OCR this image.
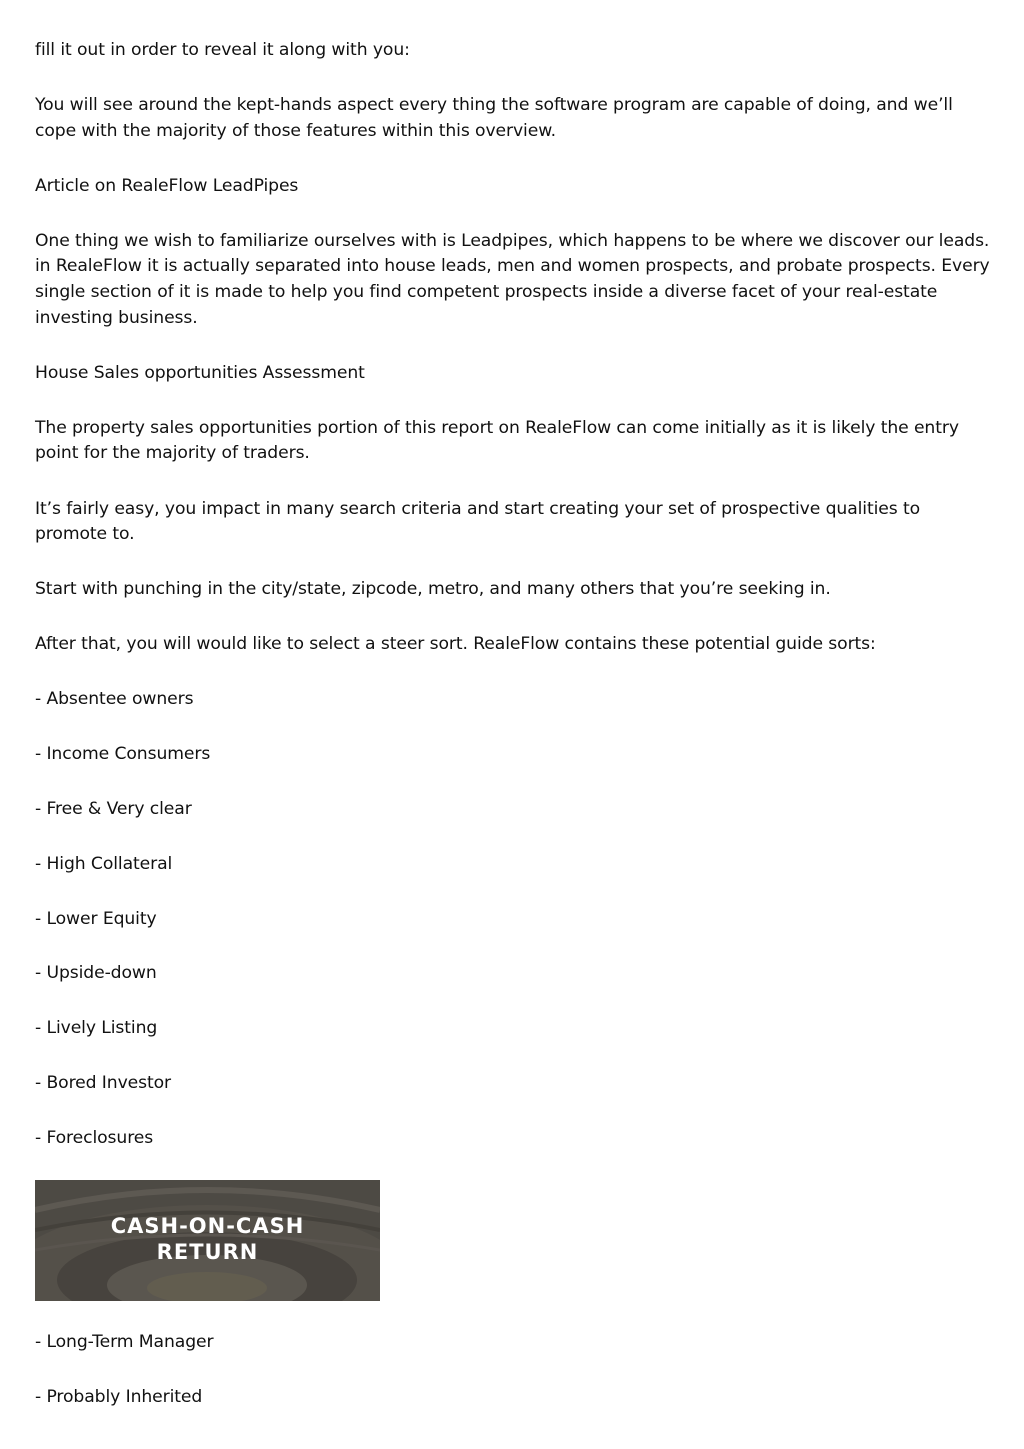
fill it out in order to reveal it along with you:

You will see around the kept-hands aspect every thing the software program are capable of doing, and we’ll cope with the majority of those features within this overview.

Article on RealeFlow LeadPipes

One thing we wish to familiarize ourselves with is Leadpipes, which happens to be where we discover our leads. in RealeFlow it is actually separated into house leads, men and women prospects, and probate prospects. Every single section of it is made to help you find competent prospects inside a diverse facet of your real-estate investing business.

House Sales opportunities Assessment

The property sales opportunities portion of this report on RealeFlow can come initially as it is likely the entry point for the majority of traders.

It’s fairly easy, you impact in many search criteria and start creating your set of prospective qualities to promote to.

Start with punching in the city/state, zipcode, metro, and many others that you’re seeking in.

After that, you will would like to select a steer sort. RealeFlow contains these potential guide sorts:

- Absentee owners
- Income Consumers
- Free & Very clear
- High Collateral
- Lower Equity
- Upside-down
- Lively Listing
- Bored Investor
- Foreclosures
CASH-ON-CASH
RETURN
- Long-Term Manager
- Probably Inherited
